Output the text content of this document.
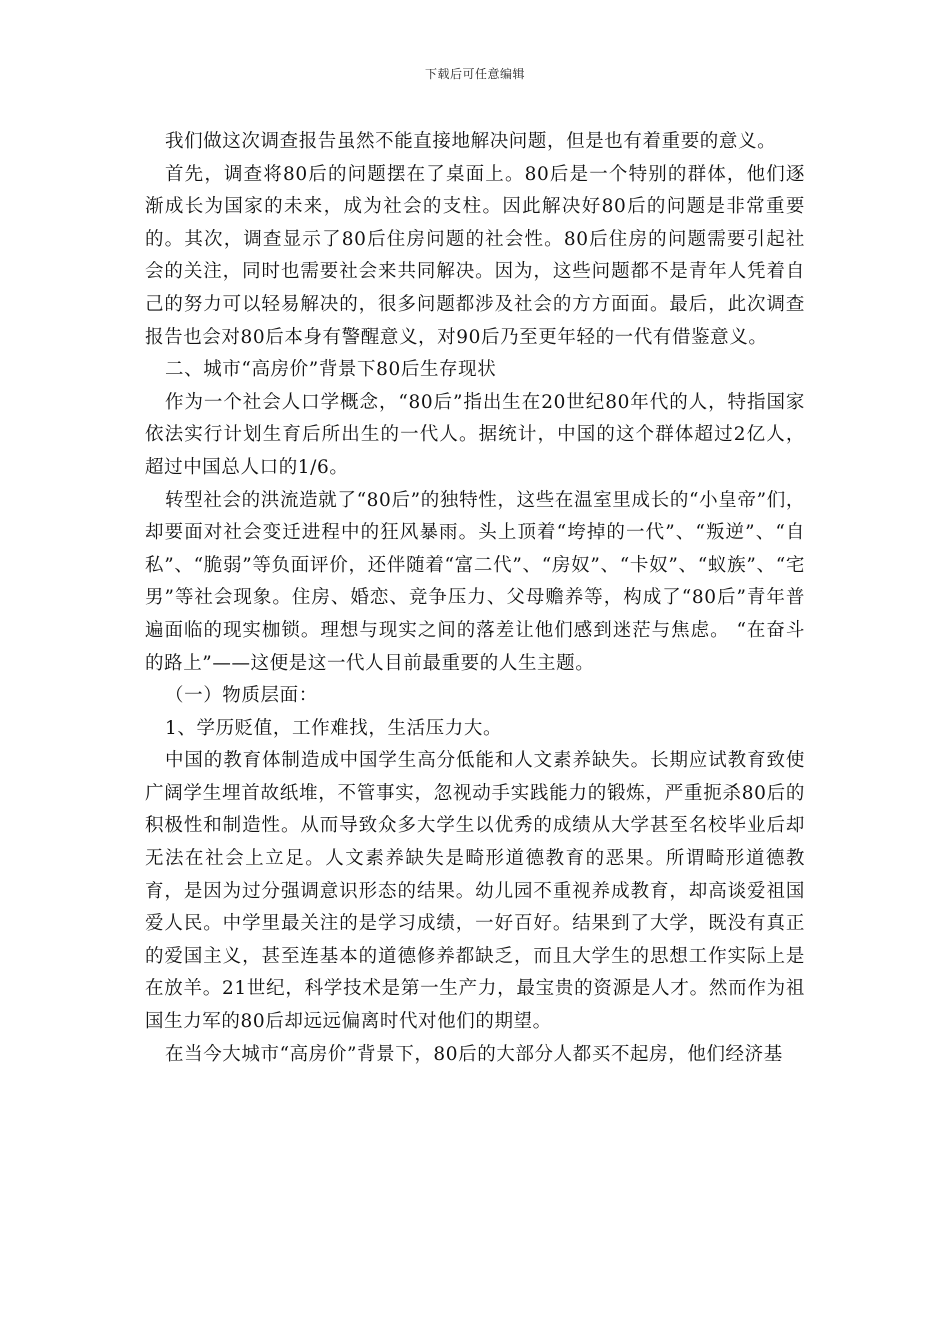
下载后可任意编辑

我们做这次调查报告虽然不能直接地解决问题，但是也有着重要的意义。

首先，调查将80后的问题摆在了桌面上。80后是一个特别的群体，他们逐渐成长为国家的未来，成为社会的支柱。因此解决好80后的问题是非常重要的。其次，调查显示了80后住房问题的社会性。80后住房的问题需要引起社会的关注，同时也需要社会来共同解决。因为，这些问题都不是青年人凭着自己的努力可以轻易解决的，很多问题都涉及社会的方方面面。最后，此次调查报告也会对80后本身有警醒意义，对90后乃至更年轻的一代有借鉴意义。

二、城市“高房价”背景下80后生存现状

作为一个社会人口学概念，“80后”指出生在20世纪80年代的人，特指国家依法实行计划生育后所出生的一代人。据统计，中国的这个群体超过2亿人，超过中国总人口的1/6。

转型社会的洪流造就了“80后”的独特性，这些在温室里成长的“小皇帝”们，却要面对社会变迁进程中的狂风暴雨。头上顶着“垮掉的一代”、“叛逆”、“自私”、“脆弱”等负面评价，还伴随着“富二代”、“房奴”、“卡奴”、“蚁族”、“宅男”等社会现象。住房、婚恋、竞争压力、父母赡养等，构成了“80后”青年普遍面临的现实枷锁。理想与现实之间的落差让他们感到迷茫与焦虑。 “在奋斗的路上”——这便是这一代人目前最重要的人生主题。

（一）物质层面：

1、学历贬值，工作难找，生活压力大。

中国的教育体制造成中国学生高分低能和人文素养缺失。长期应试教育致使广阔学生埋首故纸堆，不管事实，忽视动手实践能力的锻炼，严重扼杀80后的积极性和制造性。从而导致众多大学生以优秀的成绩从大学甚至名校毕业后却无法在社会上立足。人文素养缺失是畸形道德教育的恶果。所谓畸形道德教育，是因为过分强调意识形态的结果。幼儿园不重视养成教育，却高谈爱祖国爱人民。中学里最关注的是学习成绩，一好百好。结果到了大学，既没有真正的爱国主义，甚至连基本的道德修养都缺乏，而且大学生的思想工作实际上是在放羊。21世纪，科学技术是第一生产力，最宝贵的资源是人才。然而作为祖国生力军的80后却远远偏离时代对他们的期望。

在当今大城市“高房价”背景下，80后的大部分人都买不起房，他们经济基
